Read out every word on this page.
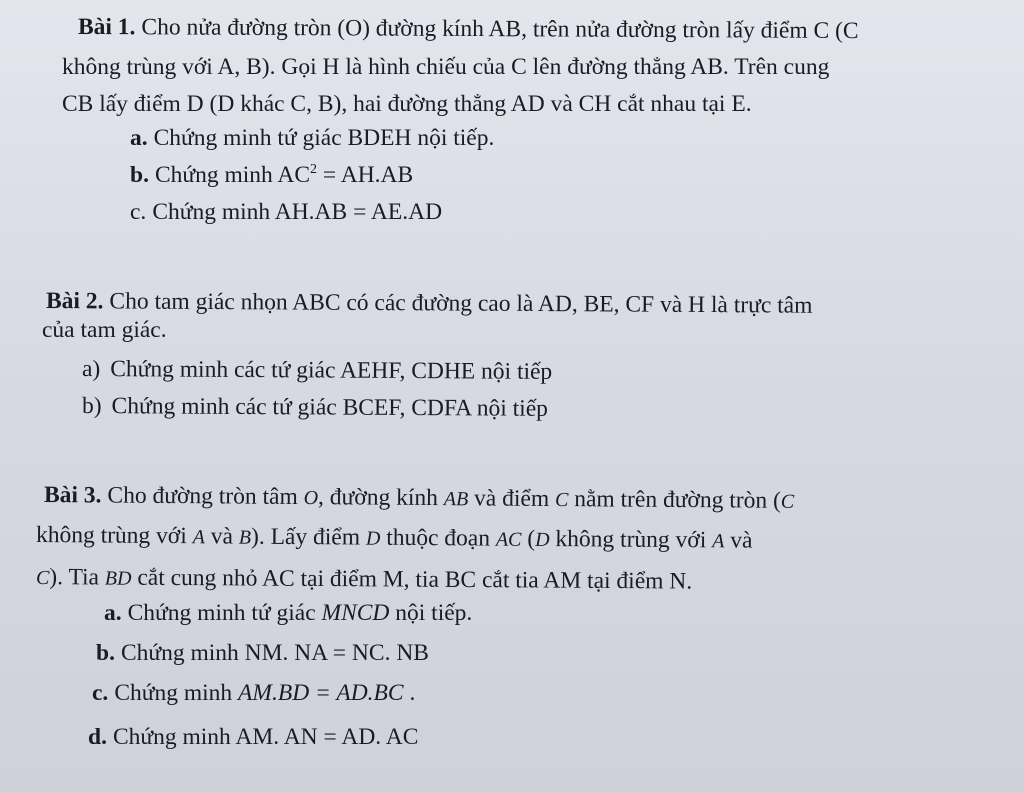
Bài 1. Cho nửa đường tròn (O) đường kính AB, trên nửa đường tròn lấy điểm C (C
không trùng với A, B). Gọi H là hình chiếu của C lên đường thẳng AB. Trên cung
CB lấy điểm D (D khác C, B), hai đường thẳng AD và CH cắt nhau tại E.
a. Chứng minh tứ giác BDEH nội tiếp.
b. Chứng minh $AC^2 = AH.AB$
c. Chứng minh AH.AB = AE.AD
Bài 2. Cho tam giác nhọn ABC có các đường cao là AD, BE, CF và H là trực tâm
của tam giác.
a) Chứng minh các tứ giác AEHF, CDHE nội tiếp
b) Chứng minh các tứ giác BCEF, CDFA nội tiếp
Bài 3. Cho đường tròn tâm O, đường kính AB và điểm C nằm trên đường tròn (C
không trùng với A và B). Lấy điểm D thuộc đoạn AC (D không trùng với A và
C). Tia BD cắt cung nhỏ AC tại điểm M, tia BC cắt tia AM tại điểm N.
a. Chứng minh tứ giác MNCD nội tiếp.
b. Chứng minh NM. NA = NC. NB
c. Chứng minh AM.BD = AD.BC .
d. Chứng minh AM. AN = AD. AC
